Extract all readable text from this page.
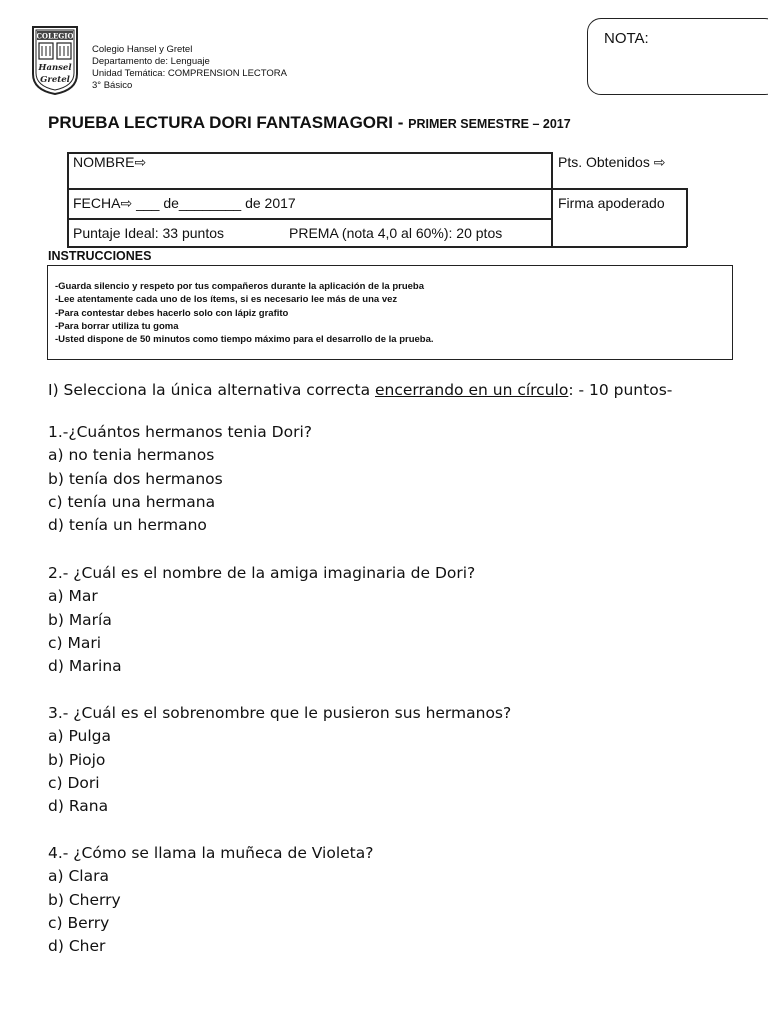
COLEGIO
Hansel
Gretel
Colegio Hansel y Gretel
Departamento de: Lenguaje
Unidad Temática: COMPRENSION LECTORA
3° Básico
NOTA:
PRUEBA LECTURA DORI FANTASMAGORI - PRIMER SEMESTRE – 2017
NOMBRE⇨	Pts. Obtenidos ⇨
FECHA⇨ ___ de________ de 2017	Firma apoderado
Puntaje Ideal: 33 puntos	PREMA (nota 4,0 al 60%): 20 ptos
INSTRUCCIONES
-Guarda silencio y respeto por tus compañeros durante la aplicación de la prueba
-Lee atentamente cada uno de los ítems, si es necesario lee más de una vez
-Para contestar debes hacerlo solo con lápiz grafito
-Para borrar utiliza tu goma
-Usted dispone de 50 minutos como tiempo máximo para el desarrollo de la prueba.
I) Selecciona la única alternativa correcta encerrando en un círculo: - 10 puntos-
1.-¿Cuántos hermanos tenia Dori?
a) no tenia hermanos
b) tenía dos hermanos
c) tenía una hermana
d) tenía un hermano
2.- ¿Cuál es el nombre de la amiga imaginaria de Dori?
a) Mar
b) María
c) Mari
d) Marina
3.- ¿Cuál es el sobrenombre que le pusieron sus hermanos?
a) Pulga
b) Piojo
c) Dori
d) Rana
4.- ¿Cómo se llama la muñeca de Violeta?
a) Clara
b) Cherry
c) Berry
d) Cher
